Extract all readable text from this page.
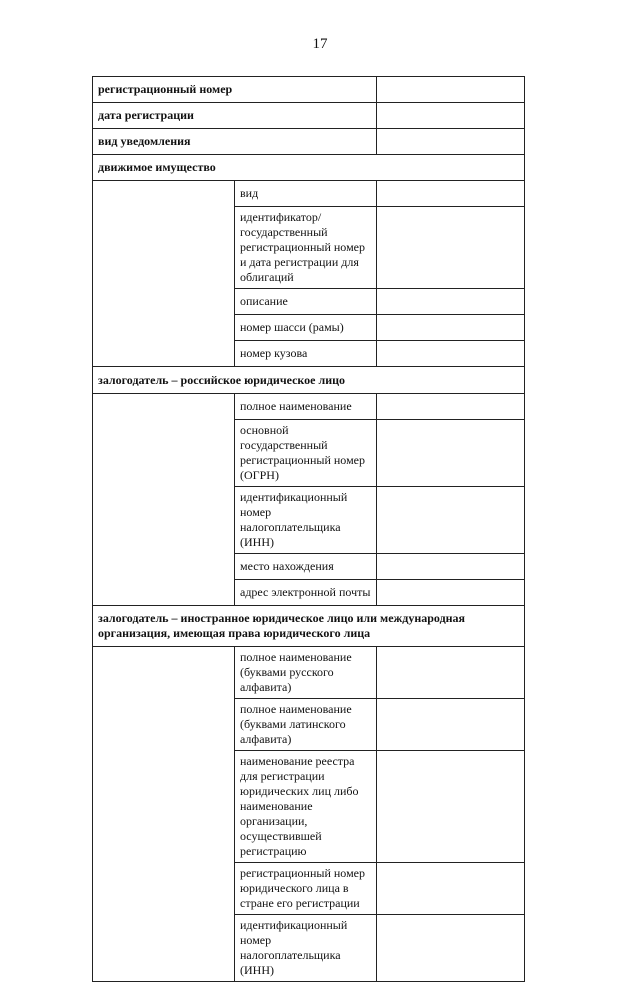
17
регистрационный номер		
дата регистрации		
вид уведомления		
движимое имущество		
	вид	
	идентификатор/государственный регистрационный номер и дата регистрации для облигаций	
	описание	
	номер шасси (рамы)	
	номер кузова	
залогодатель – российское юридическое лицо		
	полное наименование	
	основной государственный регистрационный номер (ОГРН)	
	идентификационный номер налогоплательщика (ИНН)	
	место нахождения	
	адрес электронной почты	
залогодатель – иностранное юридическое лицо или международная организация, имеющая права юридического лица		
	полное наименование (буквами русского алфавита)	
	полное наименование (буквами латинского алфавита)	
	наименование реестра для регистрации юридических лиц либо наименование организации, осуществившей регистрацию	
	регистрационный номер юридического лица в стране его регистрации	
	идентификационный номер налогоплательщика (ИНН)	
